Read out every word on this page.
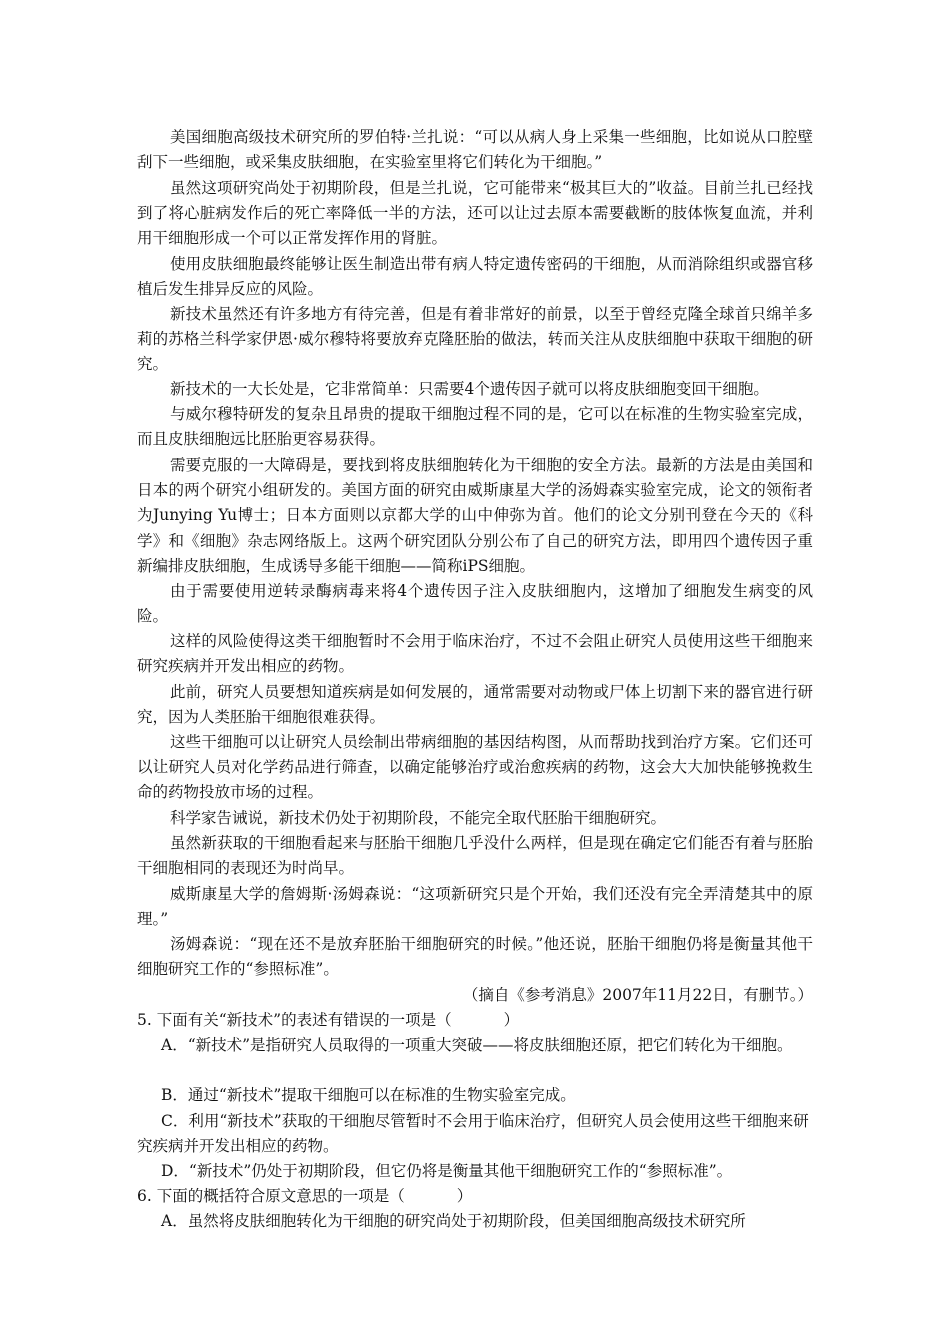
美国细胞高级技术研究所的罗伯特·兰扎说：“可以从病人身上采集一些细胞，比如说从口腔壁刮下一些细胞，或采集皮肤细胞，在实验室里将它们转化为干细胞。”
虽然这项研究尚处于初期阶段，但是兰扎说，它可能带来“极其巨大的”收益。目前兰扎已经找到了将心脏病发作后的死亡率降低一半的方法，还可以让过去原本需要截断的肢体恢复血流，并利用干细胞形成一个可以正常发挥作用的肾脏。
使用皮肤细胞最终能够让医生制造出带有病人特定遗传密码的干细胞，从而消除组织或器官移植后发生排异反应的风险。
新技术虽然还有许多地方有待完善，但是有着非常好的前景，以至于曾经克隆全球首只绵羊多莉的苏格兰科学家伊恩·威尔穆特将要放弃克隆胚胎的做法，转而关注从皮肤细胞中获取干细胞的研究。
新技术的一大长处是，它非常简单：只需要4个遗传因子就可以将皮肤细胞变回干细胞。
与威尔穆特研发的复杂且昂贵的提取干细胞过程不同的是，它可以在标准的生物实验室完成，而且皮肤细胞远比胚胎更容易获得。
需要克服的一大障碍是，要找到将皮肤细胞转化为干细胞的安全方法。最新的方法是由美国和日本的两个研究小组研发的。美国方面的研究由威斯康星大学的汤姆森实验室完成，论文的领衔者为Junying Yu博士；日本方面则以京都大学的山中伸弥为首。他们的论文分别刊登在今天的《科学》和《细胞》杂志网络版上。这两个研究团队分别公布了自己的研究方法，即用四个遗传因子重新编排皮肤细胞，生成诱导多能干细胞——简称iPS细胞。
由于需要使用逆转录酶病毒来将4个遗传因子注入皮肤细胞内，这增加了细胞发生病变的风险。
这样的风险使得这类干细胞暂时不会用于临床治疗，不过不会阻止研究人员使用这些干细胞来研究疾病并开发出相应的药物。
此前，研究人员要想知道疾病是如何发展的，通常需要对动物或尸体上切割下来的器官进行研究，因为人类胚胎干细胞很难获得。
这些干细胞可以让研究人员绘制出带病细胞的基因结构图，从而帮助找到治疗方案。它们还可以让研究人员对化学药品进行筛查，以确定能够治疗或治愈疾病的药物，这会大大加快能够挽救生命的药物投放市场的过程。
科学家告诫说，新技术仍处于初期阶段，不能完全取代胚胎干细胞研究。
虽然新获取的干细胞看起来与胚胎干细胞几乎没什么两样，但是现在确定它们能否有着与胚胎干细胞相同的表现还为时尚早。
威斯康星大学的詹姆斯·汤姆森说：“这项新研究只是个开始，我们还没有完全弄清楚其中的原理。”
汤姆森说：“现在还不是放弃胚胎干细胞研究的时候。”他还说，胚胎干细胞仍将是衡量其他干细胞研究工作的“参照标准”。
（摘自《参考消息》2007年11月22日，有删节。）
5. 下面有关“新技术”的表述有错误的一项是（	）
A．“新技术”是指研究人员取得的一项重大突破——将皮肤细胞还原，把它们转化为干细胞。
B．通过“新技术”提取干细胞可以在标准的生物实验室完成。
C．利用“新技术”获取的干细胞尽管暂时不会用于临床治疗，但研究人员会使用这些干细胞来研究疾病并开发出相应的药物。
D．“新技术”仍处于初期阶段，但它仍将是衡量其他干细胞研究工作的“参照标准”。
6. 下面的概括符合原文意思的一项是（	）
A．虽然将皮肤细胞转化为干细胞的研究尚处于初期阶段，但美国细胞高级技术研究所
